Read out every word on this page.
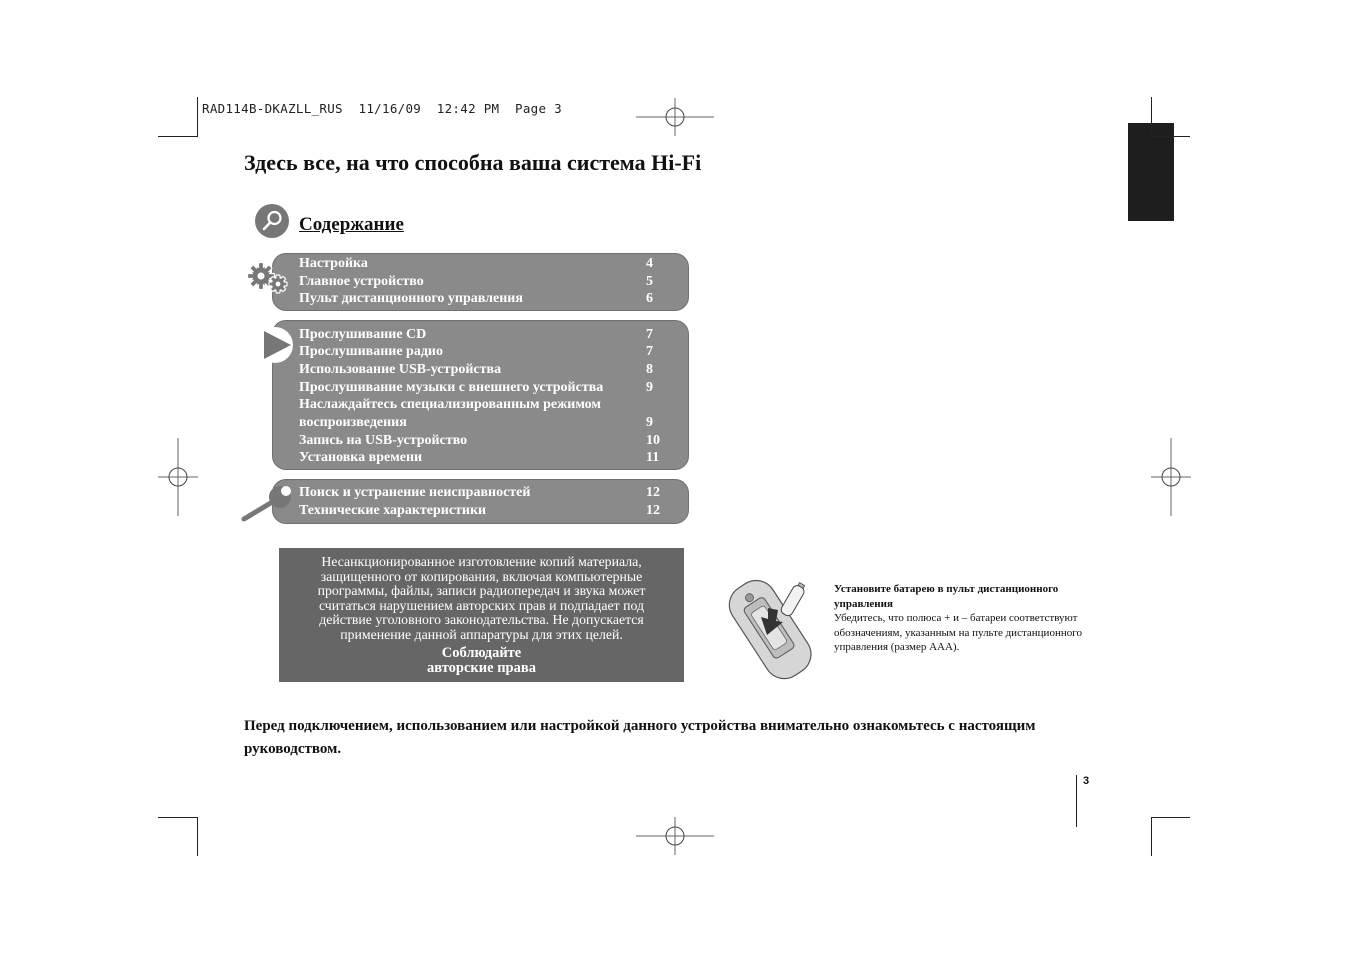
RAD114B-DKAZLL_RUS  11/16/09  12:42 PM  Page 3
Здесь все, на что способна ваша система Hi-Fi
Содержание
Настройка	4
Главное устройство	5
Пульт дистанционного управления	6
Прослушивание CD	7
Прослушивание радио	7
Использование USB-устройства	8
Прослушивание музыки с внешнего устройства	9
Наслаждайтесь специализированным режимом
воспроизведения	9
Запись на USB-устройство	10
Установка времени	11
Поиск и устранение неисправностей	12
Технические характеристики	12
Несанкционированное изготовление копий материала,
защищенного от копирования, включая компьютерные
программы, файлы, записи радиопередач и звука может
считаться нарушением авторских прав и подпадает под
действие уголовного законодательства. Не допускается
применение данной аппаратуры для этих целей.
Соблюдайте
авторские права
Установите батарею в пульт дистанционного управления
Убедитесь, что полюса + и – батареи соответствуют обозначениям, указанным на пульте дистанционного управления (размер AAA).
Перед подключением, использованием или настройкой данного устройства внимательно ознакомьтесь с настоящим руководством.
3
